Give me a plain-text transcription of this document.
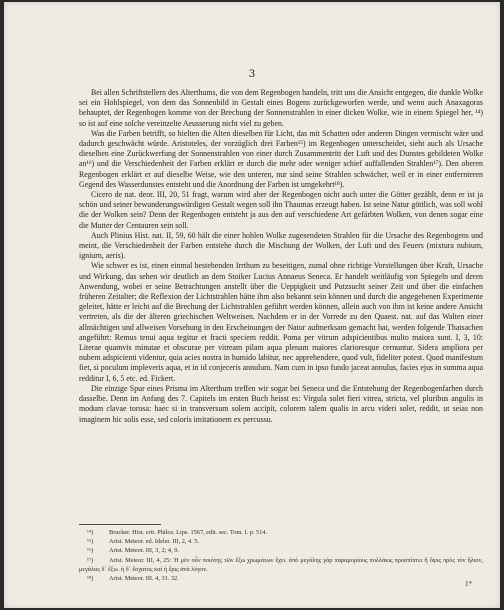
3

Bei allen Schriftstellern des Alterthums, die von dem Regenbogen handeln, tritt uns die Ansicht entgegen, die dunkle Wolke sei ein Hohlspiegel, von dem das Sonnenbild in Gestalt eines Bogens zurückgeworfen werde, und wenn auch Anaxagoras behauptet, der Regenbogen komme von der Brechung der Sonnenstrahlen in einer dicken Wolke, wie in einem Spiegel her, ¹⁴) so ist auf eine solche vereinzelte Aeusserung nicht viel zu geben.

Was die Farben betrifft, so hielten die Alten dieselben für Licht, das mit Schatten oder anderen Dingen vermischt wäre und dadurch geschwächt würde. Aristoteles, der vorzüglich drei Farben¹⁵) im Regenbogen unterscheidet, sieht auch als Ursache dieselben eine Zurückwerfung der Sonnenstrahlen von einer durch Zusammentritt der Luft und des Dunstes gebildeten Wolke an¹⁶) und die Verschiedenheit der Farben erklärt er durch die mehr oder weniger schief auffallenden Strahlen¹⁷). Den oberen Regenbogen erklärt er auf dieselbe Weise, wie den unteren, nur sind seine Strahlen schwächer, weil er in einer entfernteren Gegend des Wasserdunstes entsteht und die Anordnung der Farben ist umgekehrt¹⁸).

Cicero de nat. deor. III, 20, 51 fragt, warum wird aber der Regenbogen nicht auch unter die Götter gezählt, denn er ist ja schön und seiner bewunderungswürdigen Gestalt wegen soll ihn Thaumas erzeugt haben. Ist seine Natur göttlich, was soll wohl die der Wolken sein? Denn der Regenbogen entsteht ja aus den auf verschiedene Art gefärbten Wolken, von denen sogar eine die Mutter der Centauren sein soll.

Auch Plinius Hist. nat. II, 59, 60 hält die einer hohlen Wolke zugesendeten Strahlen für die Ursache des Regenbogens und meint, die Verschiedenheit der Farben entstehe durch die Mischung der Wolken, der Luft und des Feuers (mixtura nubium, igniurn, aeris).

Wie schwer es ist, einen einmal bestehenden Irrthum zu beseitigen, zumal ohne richtige Vorstellungen über Kraft, Ursache und Wirkung, das sehen wir deutlich an dem Stoiker Lucius Annaeus Seneca. Er handelt weitläufig von Spiegeln und deren Anwendung, wobei er seine Betrachtungen anstellt über die Ueppigkeit und Putzsucht seiner Zeit und über die einfachen früheren Zeitalter; die Reflexion der Lichtstrahlen hätte ihm also bekannt sein können und durch die angegebenen Experimente geleitet, hätte er leicht auf die Brechung der Lichtstrahlen geführt werden können, allein auch von ihm ist keine andere Ansicht vertreten, als die der älteren griechischen Weltweisen. Nachdem er in der Vorrede zu den Quaest. nat. auf das Walten einer allmächtigen und allweisen Vorsehung in den Erscheinungen der Natur aufmerksam gemacht hat, werden folgende Thatsachen angeführt: Remus tenui aqua tegitur et fracti speciem reddit. Poma per vitrum adspicientibus multo maiora sunt. I, 3, 10: Literae quamvis minutae et obscurae per vitream pilam aqua plenam maiores clarioresque cernuntur. Sidera ampliora per nubem adspicienti videntur, quia acies nostra in humido labitur, nec apprehendere, quod vult, fideliter potest. Quod manifestum fiet, si poculum impleveris aqua, et in id conjeceris annulum. Nam cum in ipso fundo jaceat annulus, facies ejus in summa aqua redditur I, 6, 5 etc. ed. Fickert.

Die einzige Spur eines Prisma im Alterthum treffen wir sogar bei Seneca und die Entstehung der Regenbogenfarben durch dasselbe. Denn im Anfang des 7. Capitels im ersten Buch heisst es: Virgula solet fieri vitrea, stricta, vel pluribus angulis in modum clavae torosa: haec si in transversum solem accipit, colorem talem qualis in arcu videri solet, reddit, ut seias non imaginem hic solis esse, sed coloris imitationem ex percussu.

¹⁴)	Brucker. Hist. crit. Philos. Lips. 1567, edit. sec. Tom. I. p. 514.

¹⁵)	Arist. Meteor. ed. Ideler. III, 2, 4. 5.

¹⁶)	Arist. Meteor. III, 3, 2; 4, 9.

¹⁷)	Arist. Meteor. III, 4, 25: Ἡ μὲν οὖν ποιότης τῶν ἔξω χρωμάτων ἔχει. ἀπὸ μεγάλης γὰρ παραμορίους πολλάκις προσπίπτει ἢ ὄψις πρὸς τὸν ἥλιον, μεγάλας δ᾽ ἔξω. ἡ δ᾽ ἔσχατος καὶ ἡ ἔρις ἀνὰ λόγον.

¹⁸)	Arist. Meteor. III. 4, 31. 32.

1*
